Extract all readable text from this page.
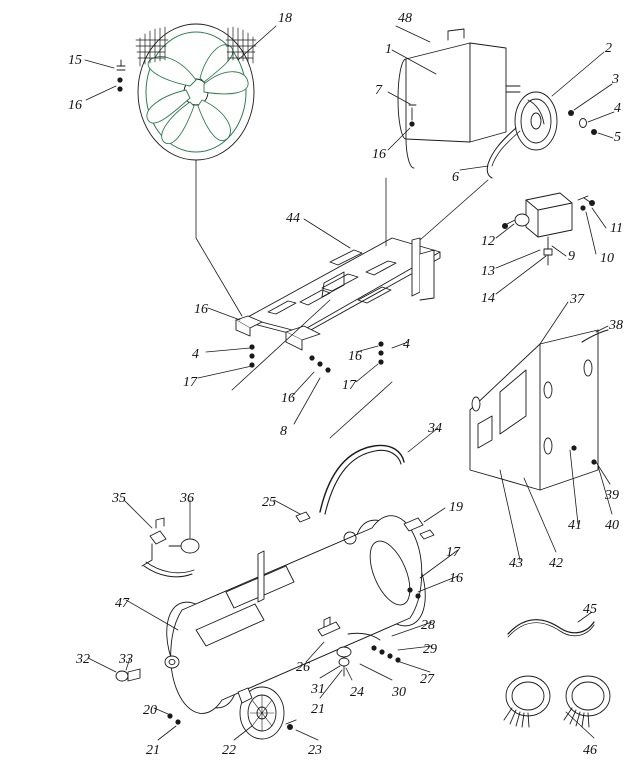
18	48
1
15
2
3
16
7
4
5
16
6
11
12
9 10
13
44
14	37
16
38
4	16
4
17
16
17
8	34
39
19
40
41
35	36	25
43 42
45
17
16
47
28
29
32 33
26
27
31 24 30
20	21
21	22	23	46
